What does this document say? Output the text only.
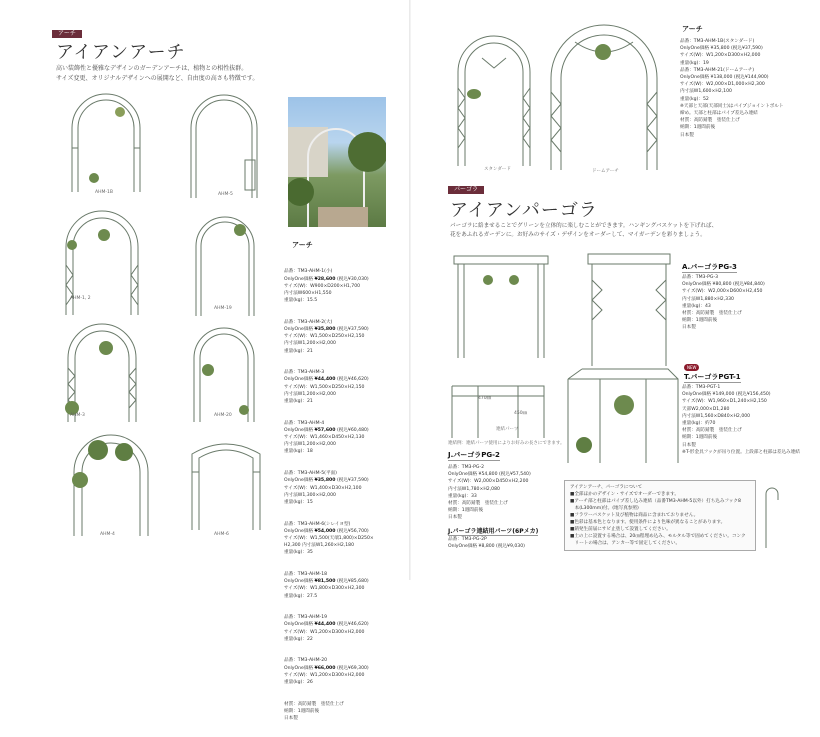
アーチ
アイアンアーチ
高い装飾性と優雅なデザインのガーデンアーチは、植物との相性抜群。
サイズ変更、オリジナルデザインへの展開など、自由度の高さも特徴です。
AHM-1B	AHM-5
AHM-1, 2
AHM-19
AHM-3	AHM-20
AHM-4	AHM-6
アーチ

品番：TM3-AHM-1(小)
OnlyOne価格 ¥28,600 (税込¥30,030)
サイズ(W)：W900×D200×H1,700
内寸法W600×H1,550
重量(kg)：15.5

品番：TM3-AHM-2(大)
OnlyOne価格 ¥35,800 (税込¥37,590)
サイズ(W)：W1,500×D250×H2,150
内寸法W1,200×H2,000
重量(kg)：21

品番：TM3-AHM-3
OnlyOne価格 ¥44,400 (税込¥46,620)
サイズ(W)：W1,500×D250×H2,150
内寸法W1,200×H2,000
重量(kg)：21

品番：TM3-AHM-4
OnlyOne価格 ¥57,600 (税込¥60,480)
サイズ(W)：W1,460×D450×H2,130
内寸法W1,200×H2,000
重量(kg)：18

品番：TM3-AHM-5(平面)
OnlyOne価格 ¥35,800 (税込¥37,590)
サイズ(W)：W1,400×D30×H2,100
内寸法W1,300×H2,000
重量(kg)：15

品番：TM3-AHM-6(シレイヨ型)
OnlyOne価格 ¥54,000 (税込¥56,700)
サイズ(W)：W1,500(天端1,800)×D250×
H2,300 内寸法W1,260×H2,180
重量(kg)：35

品番：TM3-AHM-18
OnlyOne価格 ¥81,500 (税込¥85,680)
サイズ(W)：W1,800×D300×H2,300
重量(kg)：27.5

品番：TM3-AHM-19
OnlyOne価格 ¥44,400 (税込¥46,620)
サイズ(W)：W1,200×D300×H2,000
重量(kg)：22

品番：TM3-AHM-20
OnlyOne価格 ¥66,000 (税込¥69,300)
サイズ(W)：W1,200×D300×H2,000
重量(kg)：26

材質：高防錆製　塗装仕上げ
納期：1週間前後
日本製

スタンダード	ドームアーチ
アーチ
品番：TM3-AHM-1B(スタンダード)
OnlyOne価格 ¥35,800 (税込¥37,590)
サイズ(W)：W1,200×D300×H2,000
重量(kg)：19
品番：TM3-AHM-21(ドームアーチ)
OnlyOne価格 ¥138,000 (税込¥144,900)
サイズ(W)：W2,000×D1,000×H2,300
内寸法W1,600×H2,100
重量(kg)：52
※天部と天部(天部同士)はパイプジョイントボルト
締め。天部と柱部はパイプ差込み連結
材質：高防錆製　塗装仕上げ
納期：1週間前後
日本製
パーゴラ
アイアンパーゴラ
パーゴラに絡ませることでグリーンを立体的に楽しむことができます。ハンギングバスケットを下げれば、
花をあふれるガーデンに。お好みのサイズ・デザインをオーダーして、マイガーデンを彩りましょう。
A.パーゴラPG-3
品番：TM3-PG-3
OnlyOne価格 ¥80,800 (税込¥84,840)
サイズ(W)：W2,000×D600×H2,450
内寸法W1,880×H2,330
重量(kg)：43
材質：高防錆製　塗装仕上げ
納期：1週間前後
日本製
470㎜
450㎜
連結パーツ
連結例：連結パーツ使用によりお好みの長さにできます。
J.パーゴラPG-2
品番：TM3-PG-2
OnlyOne価格 ¥54,800 (税込¥57,540)
サイズ(W)：W2,000×D450×H2,200
内寸法W1,780×H2,080
重量(kg)：33
材質：高防錆製　塗装仕上げ
納期：1週間前後
日本製
J.パーゴラ連結用パーツ(6Pメカ)
品番：TM3-PG-2P
OnlyOne価格 ¥8,800 (税込¥9,030)
NEW
T.パーゴラPGT-1
品番：TM3-PGT-1
OnlyOne価格 ¥149,000 (税込¥156,450)
サイズ(W)：W1,960×D1,240×H2,150
天部W2,000×D1,280
内寸法W1,560×D840×H2,000
重量(kg)：約70
材質：高防錆製　塗装仕上げ
納期：1週間前後
日本製
※T-形金具フックが吊り位置。上段部と柱部は差込み連結
アイアンアーチ、パーゴラについて
■全部ほかのデザイン・サイズでオーダーできます。
■アーチ部と柱部はパイプ差し込み連結（品番TM3-AHM-5以外）打ち込みフック8
　本(L300mm)付。(地写真参照)
■フラワーバスケット及び植物は商品に含まれておりません。
■色彩は基本色となります。使用条件により色味が異なることがあります。
■錆発生前届にサビ止塗して設置してください。
■土の上に設置する場合は、20㎝程埋め込み、モルタル等で固めてください。コンク
　リートの場合は、アンカー等で固定してください。
